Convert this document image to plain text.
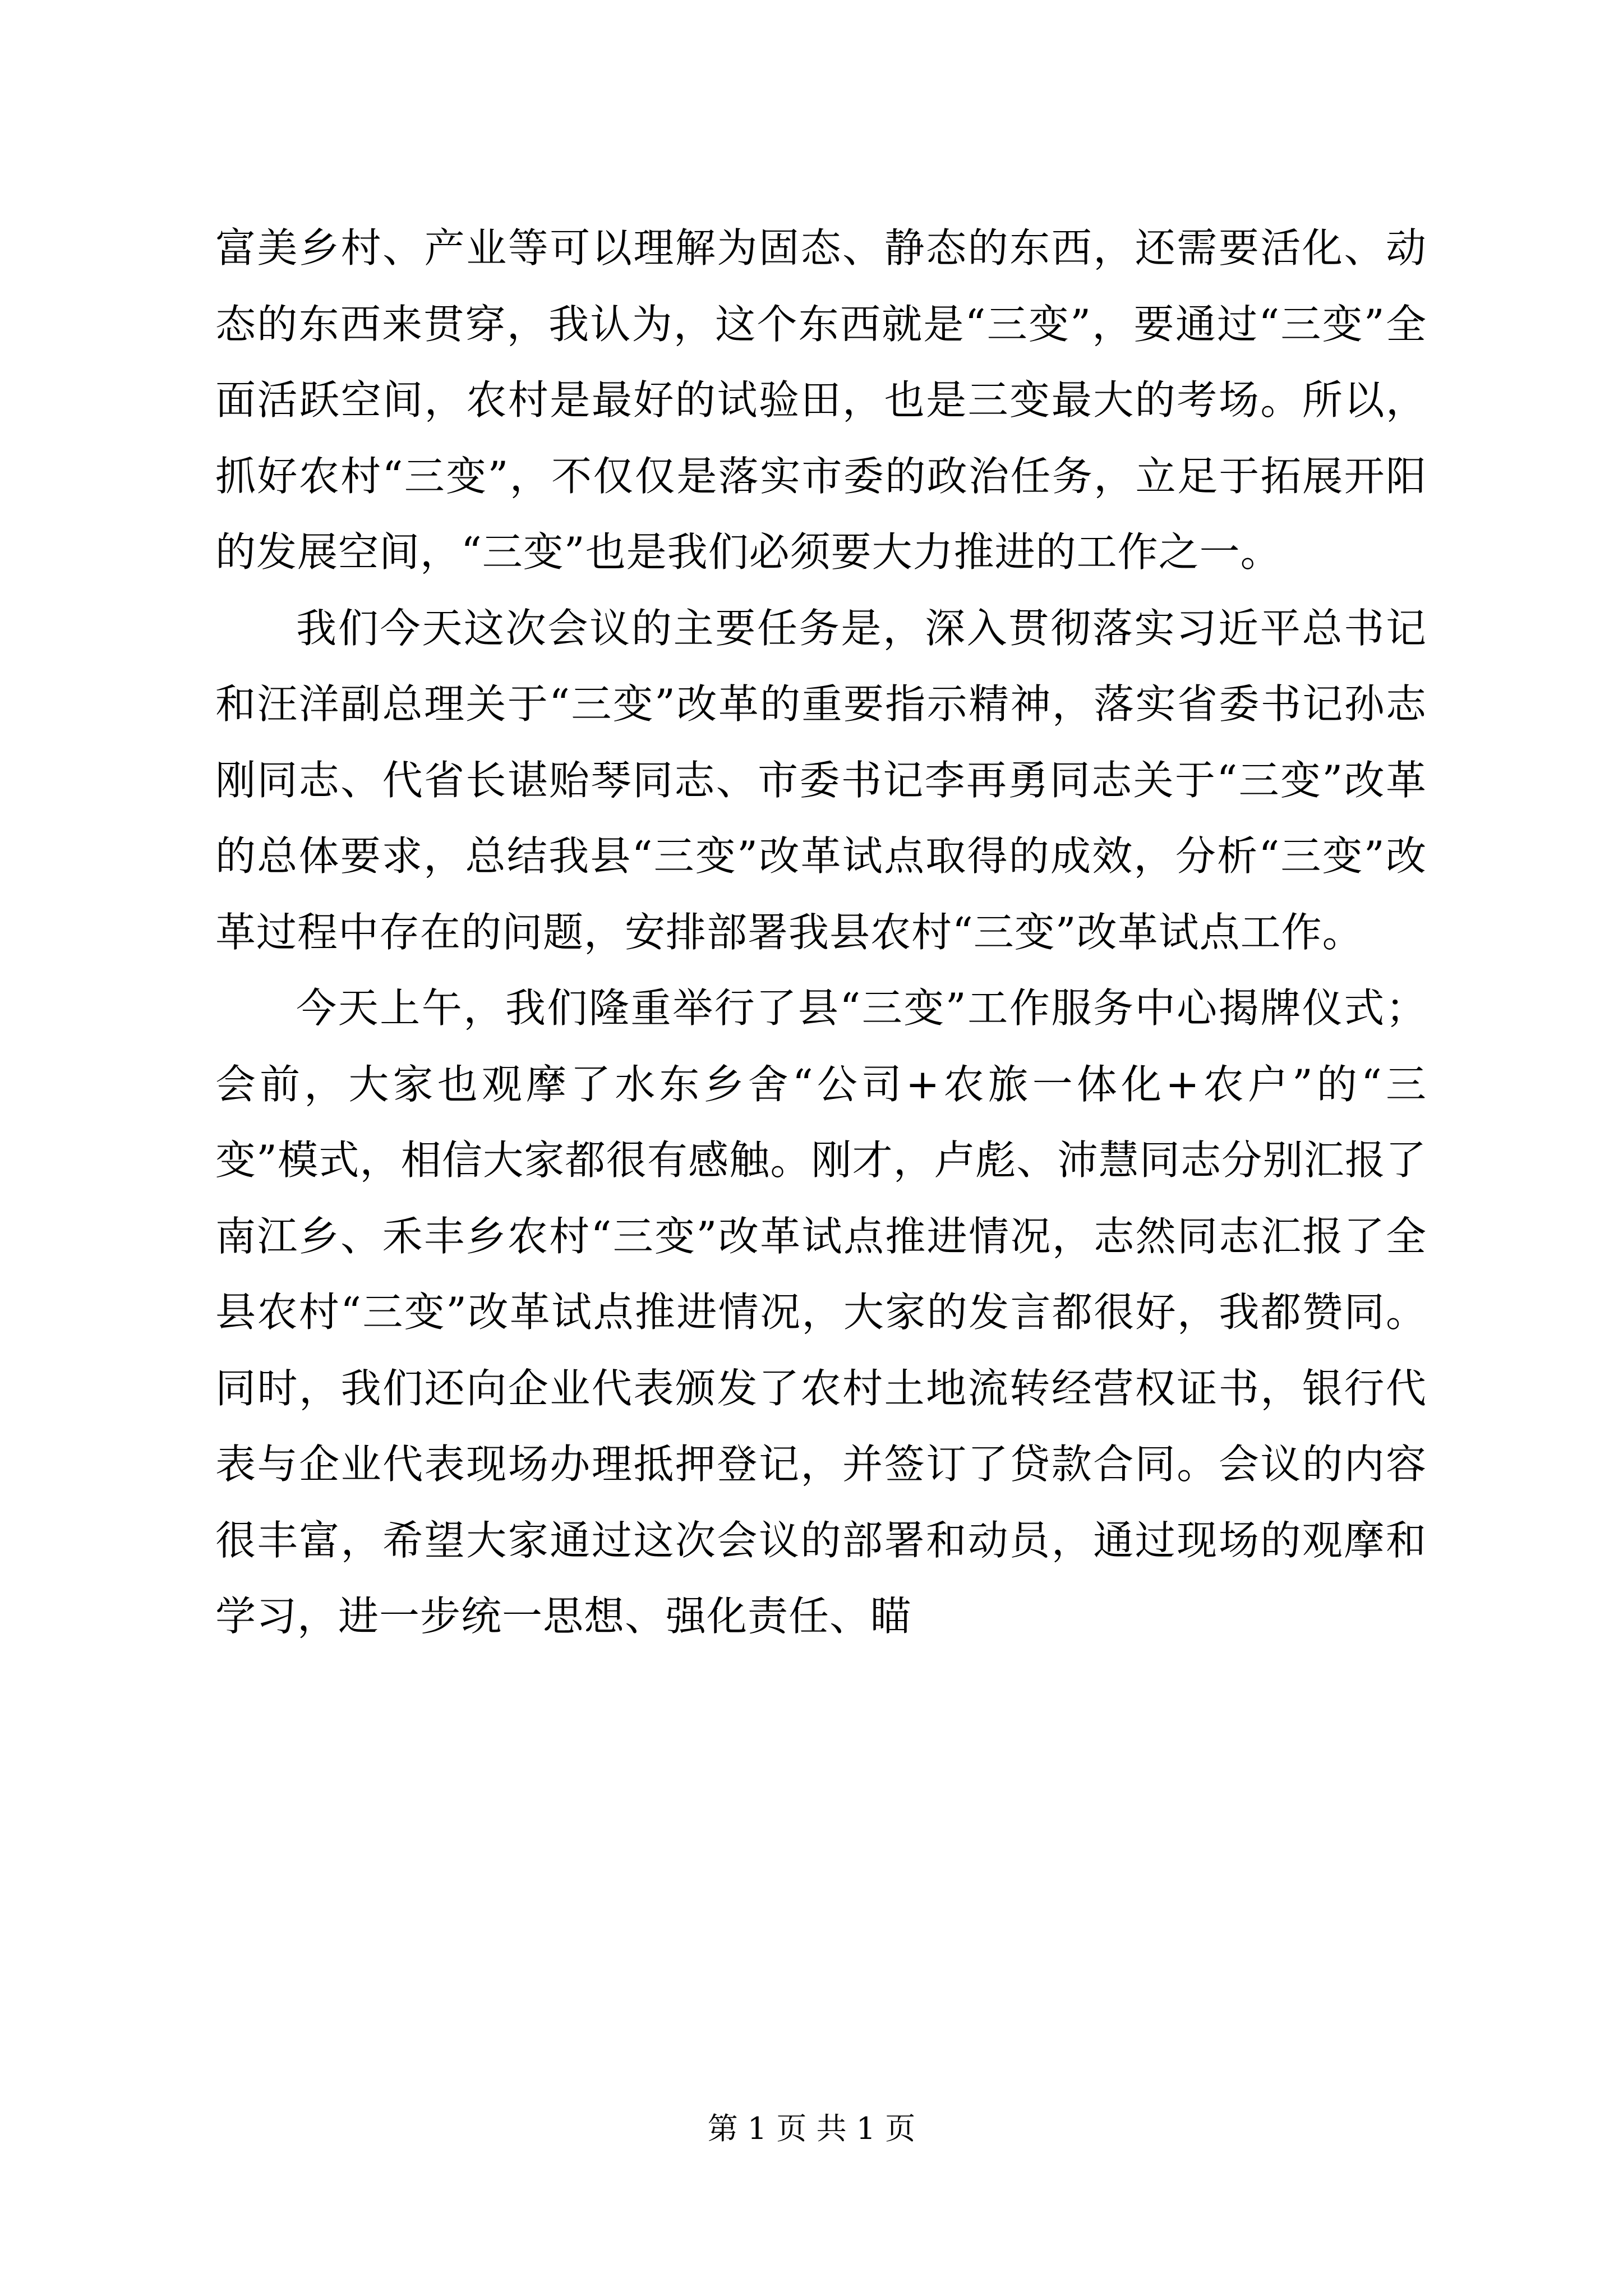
富美乡村、产业等可以理解为固态、静态的东西，还需要活化、动态的东西来贯穿，我认为，这个东西就是“三变”，要通过“三变”全面活跃空间，农村是最好的试验田，也是三变最大的考场。所以，抓好农村“三变”，不仅仅是落实市委的政治任务，立足于拓展开阳的发展空间，“三变”也是我们必须要大力推进的工作之一。

我们今天这次会议的主要任务是，深入贯彻落实习近平总书记和汪洋副总理关于“三变”改革的重要指示精神，落实省委书记孙志刚同志、代省长谌贻琴同志、市委书记李再勇同志关于“三变”改革的总体要求，总结我县“三变”改革试点取得的成效，分析“三变”改革过程中存在的问题，安排部署我县农村“三变”改革试点工作。

今天上午，我们隆重举行了县“三变”工作服务中心揭牌仪式；会前，大家也观摩了水东乡舍“公司+农旅一体化+农户”的“三变”模式，相信大家都很有感触。刚才，卢彪、沛慧同志分别汇报了南江乡、禾丰乡农村“三变”改革试点推进情况，志然同志汇报了全县农村“三变”改革试点推进情况，大家的发言都很好，我都赞同。同时，我们还向企业代表颁发了农村土地流转经营权证书，银行代表与企业代表现场办理抵押登记，并签订了贷款合同。会议的内容很丰富，希望大家通过这次会议的部署和动员，通过现场的观摩和学习，进一步统一思想、强化责任、瞄

第 1 页 共 1 页
